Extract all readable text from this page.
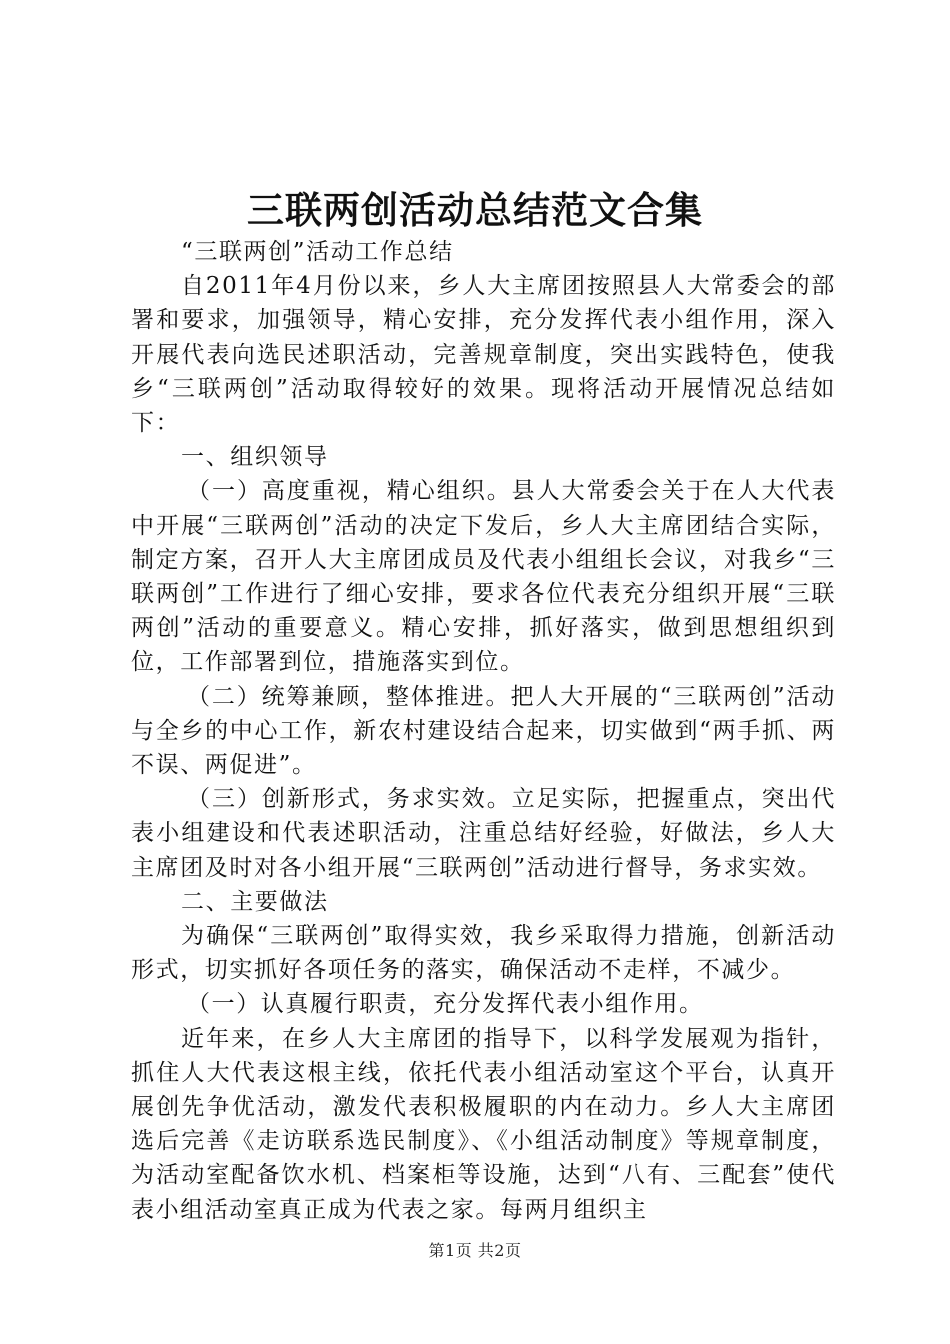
三联两创活动总结范文合集

“三联两创”活动工作总结

自2011年4月份以来，乡人大主席团按照县人大常委会的部署和要求，加强领导，精心安排，充分发挥代表小组作用，深入开展代表向选民述职活动，完善规章制度，突出实践特色，使我乡“三联两创”活动取得较好的效果。现将活动开展情况总结如下：

一、组织领导

（一）高度重视，精心组织。县人大常委会关于在人大代表中开展“三联两创”活动的决定下发后，乡人大主席团结合实际，制定方案，召开人大主席团成员及代表小组组长会议，对我乡“三联两创”工作进行了细心安排，要求各位代表充分组织开展“三联两创”活动的重要意义。精心安排，抓好落实，做到思想组织到位，工作部署到位，措施落实到位。

（二）统筹兼顾，整体推进。把人大开展的“三联两创”活动与全乡的中心工作，新农村建设结合起来，切实做到“两手抓、两不误、两促进”。

（三）创新形式，务求实效。立足实际，把握重点，突出代表小组建设和代表述职活动，注重总结好经验，好做法，乡人大主席团及时对各小组开展“三联两创”活动进行督导，务求实效。

二、主要做法

为确保“三联两创”取得实效，我乡采取得力措施，创新活动形式，切实抓好各项任务的落实，确保活动不走样，不减少。

（一）认真履行职责，充分发挥代表小组作用。

近年来，在乡人大主席团的指导下，以科学发展观为指针，抓住人大代表这根主线，依托代表小组活动室这个平台，认真开展创先争优活动，激发代表积极履职的内在动力。乡人大主席团选后完善《走访联系选民制度》、《小组活动制度》等规章制度，为活动室配备饮水机、档案柜等设施，达到“八有、三配套”使代表小组活动室真正成为代表之家。每两月组织主

第1页 共2页
